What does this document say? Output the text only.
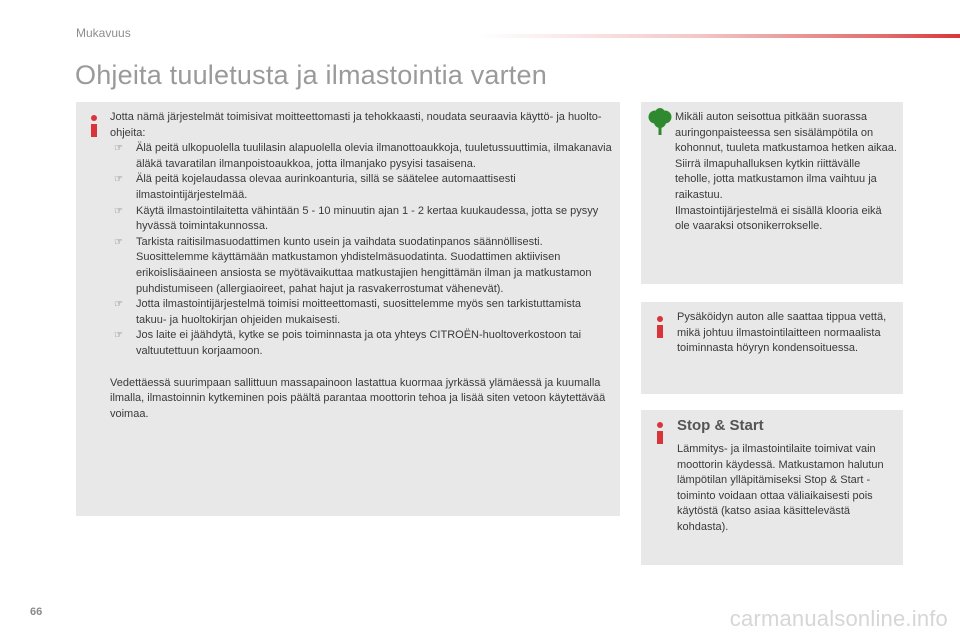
Mukavuus
Ohjeita tuuletusta ja ilmastointia varten

Jotta nämä järjestelmät toimisivat moitteettomasti ja tehokkaasti, noudata seuraavia käyttö- ja huolto-ohjeita:

☞ Älä peitä ulkopuolella tuulilasin alapuolella olevia ilmanottoaukkoja, tuuletussuuttimia, ilmakanavia äläkä tavaratilan ilmanpoistoaukkoa, jotta ilmanjako pysyisi tasaisena.
☞ Älä peitä kojelaudassa olevaa aurinkoanturia, sillä se säätelee automaattisesti ilmastointijärjestelmää.
☞ Käytä ilmastointilaitetta vähintään 5 - 10 minuutin ajan 1 - 2 kertaa kuukaudessa, jotta se pysyy hyvässä toimintakunnossa.
☞ Tarkista raitisilmasuodattimen kunto usein ja vaihdata suodatinpanos säännöllisesti. Suosittelemme käyttämään matkustamon yhdistelmäsuodatinta. Suodattimen aktiivisen erikoislisäaineen ansiosta se myötävaikuttaa matkustajien hengittämän ilman ja matkustamon puhdistumiseen (allergiaoireet, pahat hajut ja rasvakerrostumat vähenevät).
☞ Jotta ilmastointijärjestelmä toimisi moitteettomasti, suosittelemme myös sen tarkistuttamista takuu- ja huoltokirjan ohjeiden mukaisesti.
☞ Jos laite ei jäähdytä, kytke se pois toiminnasta ja ota yhteys CITROËN-huoltoverkostoon tai valtuutettuun korjaamoon.

Vedettäessä suurimpaan sallittuun massapainoon lastattua kuormaa jyrkässä ylämäessä ja kuumalla ilmalla, ilmastoinnin kytkeminen pois päältä parantaa moottorin tehoa ja lisää siten vetoon käytettävää voimaa.

Mikäli auton seisottua pitkään suorassa auringonpaisteessa sen sisälämpötila on kohonnut, tuuleta matkustamoa hetken aikaa.

Siirrä ilmapuhalluksen kytkin riittävälle teholle, jotta matkustamon ilma vaihtuu ja raikastuu.

Ilmastointijärjestelmä ei sisällä klooria eikä ole vaaraksi otsonikerrokselle.

Pysäköidyn auton alle saattaa tippua vettä, mikä johtuu ilmastointilaitteen normaalista toiminnasta höyryn kondensoituessa.

Stop & Start

Lämmitys- ja ilmastointilaite toimivat vain moottorin käydessä. Matkustamon halutun lämpötilan ylläpitämiseksi Stop & Start -toiminto voidaan ottaa väliaikaisesti pois käytöstä (katso asiaa käsittelevästä kohdasta).

66	carmanualsonline.info
